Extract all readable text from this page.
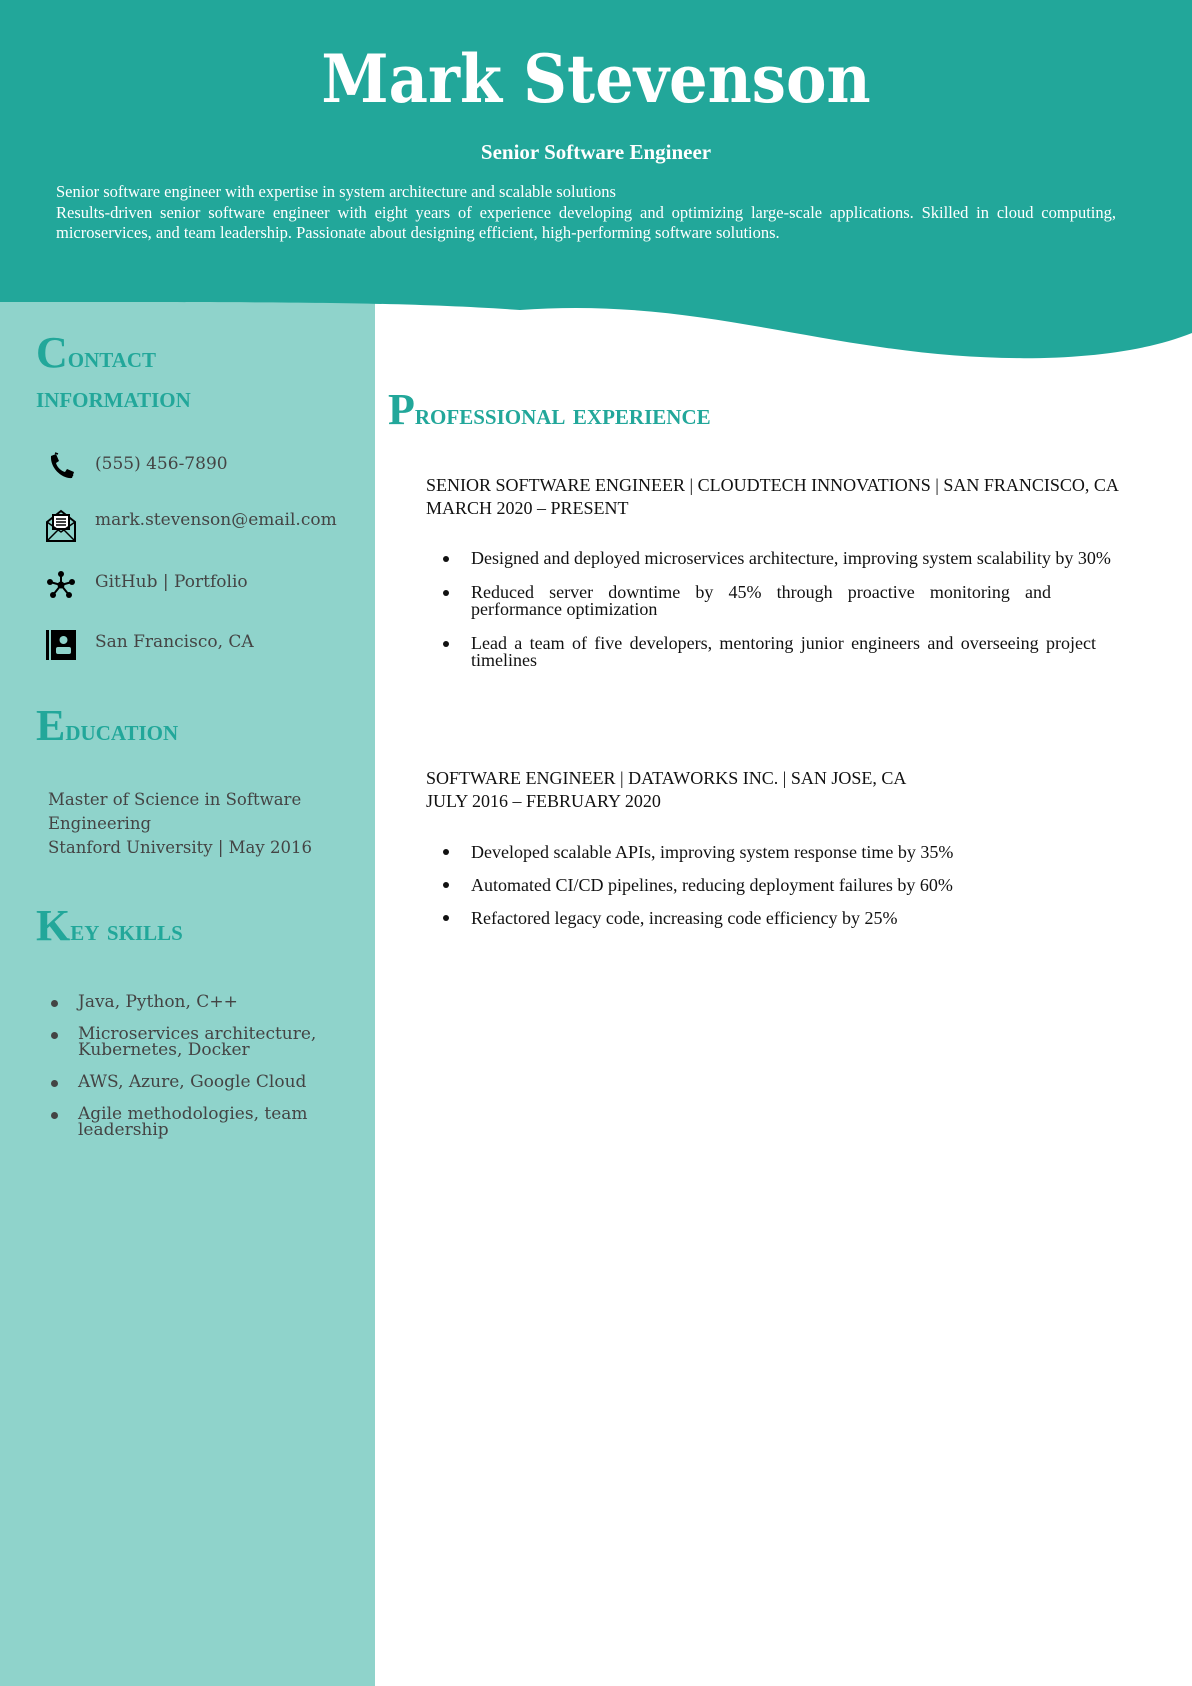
Mark Stevenson
Senior Software Engineer

Senior software engineer with expertise in system architecture and scalable solutions

Results-driven senior software engineer with eight years of experience developing and optimizing large-scale applications. Skilled in cloud computing, microservices, and team leadership. Passionate about designing efficient, high-performing software solutions.

Contact
information
(555) 456-7890
mark.stevenson@email.com
GitHub | Portfolio
San Francisco, CA
Education
Master of Science in Software Engineering
Stanford University | May 2016
Key skills
Java, Python, C++
Microservices architecture, Kubernetes, Docker
AWS, Azure, Google Cloud
Agile methodologies, team leadership
Professional experience
SENIOR SOFTWARE ENGINEER | CLOUDTECH INNOVATIONS | SAN FRANCISCO, CA
MARCH 2020 – PRESENT
Designed and deployed microservices architecture, improving system scalability by 30%
Reduced server downtime by 45% through proactive monitoring and performance optimization
Lead a team of five developers, mentoring junior engineers and overseeing project timelines
SOFTWARE ENGINEER | DATAWORKS INC. | SAN JOSE, CA
JULY 2016 – FEBRUARY 2020
Developed scalable APIs, improving system response time by 35%
Automated CI/CD pipelines, reducing deployment failures by 60%
Refactored legacy code, increasing code efficiency by 25%
